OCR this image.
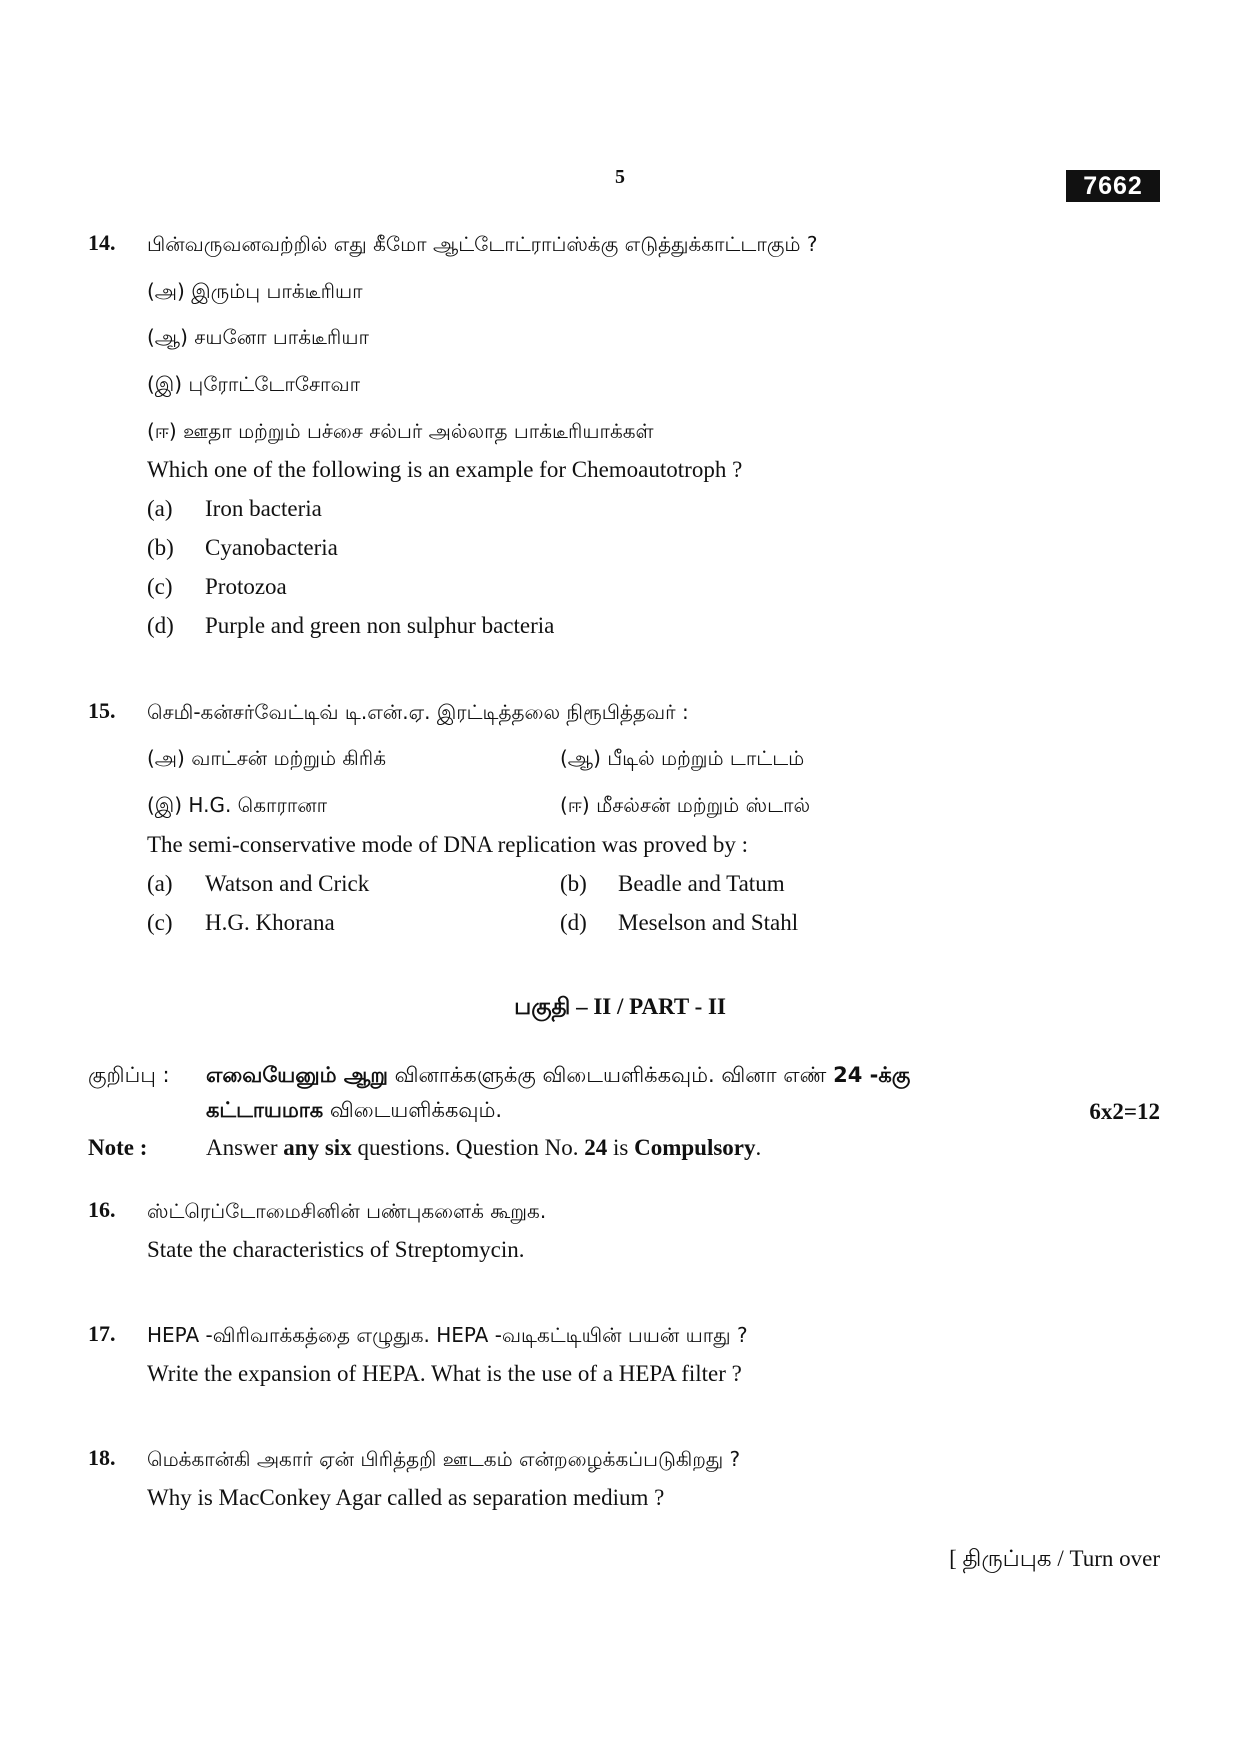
5	7662
14. பின்வருவனவற்றில் எது கீமோ ஆட்டோட்ராப்ஸ்க்கு எடுத்துக்காட்டாகும் ?
(அ) இரும்பு பாக்டீரியா
(ஆ) சயனோ பாக்டீரியா
(இ) புரோட்டோசோவா
(ஈ) ஊதா மற்றும் பச்சை சல்பர் அல்லாத பாக்டீரியாக்கள்
Which one of the following is an example for Chemoautotroph ?
(a) Iron bacteria
(b) Cyanobacteria
(c) Protozoa
(d) Purple and green non sulphur bacteria
15. செமி-கன்சர்வேட்டிவ் டி.என்.ஏ. இரட்டித்தலை நிரூபித்தவர் :
(அ) வாட்சன் மற்றும் கிரிக்	(ஆ) பீடில் மற்றும் டாட்டம்
(இ) H.G. கொரானா	(ஈ) மீசல்சன் மற்றும் ஸ்டால்
The semi-conservative mode of DNA replication was proved by :
(a) Watson and Crick	(b) Beadle and Tatum
(c) H.G. Khorana	(d) Meselson and Stahl
பகுதி – II / PART - II
குறிப்பு : எவையேனும் ஆறு வினாக்களுக்கு விடையளிக்கவும். வினா எண் 24 -க்கு
கட்டாயமாக விடையளிக்கவும்.	6x2=12
Note :	Answer any six questions. Question No. 24 is Compulsory.
16. ஸ்ட்ரெப்டோமைசினின் பண்புகளைக் கூறுக.
State the characteristics of Streptomycin.
17. HEPA -விரிவாக்கத்தை எழுதுக. HEPA -வடிகட்டியின் பயன் யாது ?
Write the expansion of HEPA. What is the use of a HEPA filter ?
18. மெக்கான்கி அகார் ஏன் பிரித்தறி ஊடகம் என்றழைக்கப்படுகிறது ?
Why is MacConkey Agar called as separation medium ?
[ திருப்புக / Turn over
